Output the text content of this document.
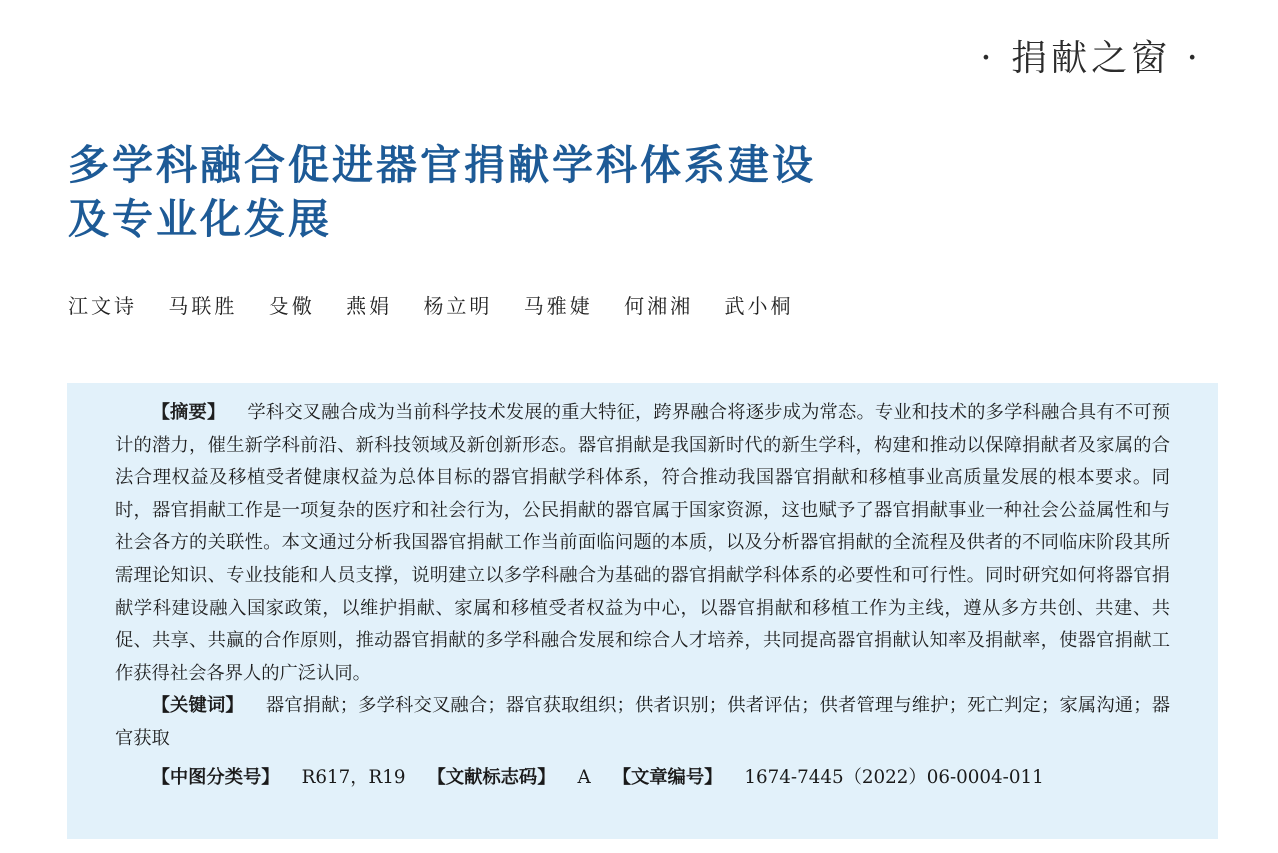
· 捐献之窗 ·
多学科融合促进器官捐献学科体系建设
及专业化发展
江文诗 马联胜 殳儆 燕娟 杨立明 马雅婕 何湘湘 武小桐

【摘要】 学科交叉融合成为当前科学技术发展的重大特征，跨界融合将逐步成为常态。专业和技术的多学科融合具有不可预计的潜力，催生新学科前沿、新科技领域及新创新形态。器官捐献是我国新时代的新生学科，构建和推动以保障捐献者及家属的合法合理权益及移植受者健康权益为总体目标的器官捐献学科体系，符合推动我国器官捐献和移植事业高质量发展的根本要求。同时，器官捐献工作是一项复杂的医疗和社会行为，公民捐献的器官属于国家资源，这也赋予了器官捐献事业一种社会公益属性和与社会各方的关联性。本文通过分析我国器官捐献工作当前面临问题的本质，以及分析器官捐献的全流程及供者的不同临床阶段其所需理论知识、专业技能和人员支撑，说明建立以多学科融合为基础的器官捐献学科体系的必要性和可行性。同时研究如何将器官捐献学科建设融入国家政策，以维护捐献、家属和移植受者权益为中心，以器官捐献和移植工作为主线，遵从多方共创、共建、共促、共享、共赢的合作原则，推动器官捐献的多学科融合发展和综合人才培养，共同提高器官捐献认知率及捐献率，使器官捐献工作获得社会各界人的广泛认同。

【关键词】 器官捐献；多学科交叉融合；器官获取组织；供者识别；供者评估；供者管理与维护；死亡判定；家属沟通；器官获取

【中图分类号】 R617，R19 【文献标志码】 A 【文章编号】 1674-7445（2022）06-0004-011
